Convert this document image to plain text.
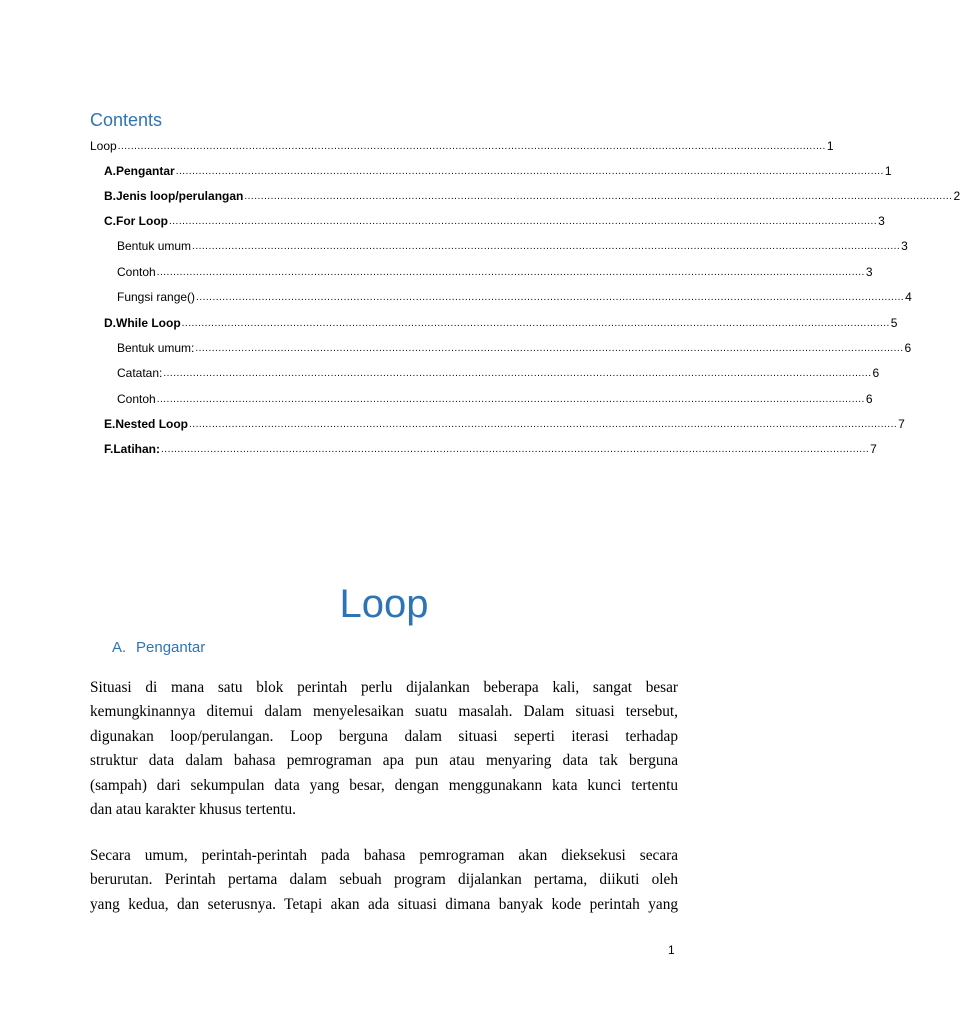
Contents
Loop ........................................................................................................................................................................................................................ 1
A. Pengantar ........................................................................................................................................................................................................................ 1
B. Jenis loop/perulangan ........................................................................................................................................................................................................................ 2
C. For Loop ........................................................................................................................................................................................................................ 3
Bentuk umum ........................................................................................................................................................................................................................ 3
Contoh ........................................................................................................................................................................................................................ 3
Fungsi range() ........................................................................................................................................................................................................................ 4
D. While Loop ........................................................................................................................................................................................................................ 5
Bentuk umum: ........................................................................................................................................................................................................................ 6
Catatan: ........................................................................................................................................................................................................................ 6
Contoh ........................................................................................................................................................................................................................ 6
E. Nested Loop ........................................................................................................................................................................................................................ 7
F. Latihan: ........................................................................................................................................................................................................................ 7
Loop
A. Pengantar
Situasi di mana satu blok perintah perlu dijalankan beberapa kali, sangat besar
kemungkinannya ditemui dalam menyelesaikan suatu masalah. Dalam situasi tersebut,
digunakan loop/perulangan. Loop berguna dalam situasi seperti iterasi terhadap
struktur data dalam bahasa pemrograman apa pun atau menyaring data tak berguna
(sampah) dari sekumpulan data yang besar, dengan menggunakann kata kunci tertentu
dan atau karakter khusus tertentu.
Secara umum, perintah-perintah pada bahasa pemrograman akan dieksekusi secara
berurutan. Perintah pertama dalam sebuah program dijalankan pertama, diikuti oleh
yang kedua, dan seterusnya. Tetapi akan ada situasi dimana banyak kode perintah yang
1
